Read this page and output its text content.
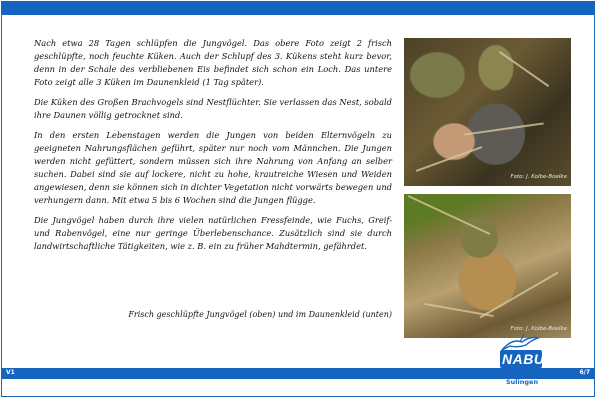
Nach etwa 28 Tagen schlüpfen die Jungvögel. Das obere Foto zeigt 2 frisch geschlüpfte, noch feuchte Küken. Auch der Schlupf des 3. Kükens steht kurz bevor, denn in der Schale des verbliebenen Eis befindet sich schon ein Loch. Das untere Foto zeigt alle 3 Küken im Daunenkleid (1 Tag später).

Die Küken des Großen Brachvogels sind Nestflüchter. Sie verlassen das Nest, sobald ihre Daunen völlig getrocknet sind.

In den ersten Lebenstagen werden die Jungen von beiden Elternvögeln zu geeigneten Nahrungsflächen geführt, später nur noch vom Männchen. Die Jungen werden nicht gefüttert, sondern müssen sich ihre Nahrung von Anfang an selber suchen. Dabei sind sie auf lockere, nicht zu hohe, krautreiche Wiesen und Weiden angewiesen, denn sie können sich in dichter Vegetation nicht vorwärts bewegen und verhungern dann. Mit etwa 5 bis 6 Wochen sind die Jungen flügge.

Die Jungvögel haben durch ihre vielen natürlichen Fressfeinde, wie Fuchs, Greif- und Rabenvögel, eine nur geringe Überlebenschance. Zusätzlich sind sie durch landwirtschaftliche Tätigkeiten, wie z. B. ein zu früher Mahdtermin, gefährdet.

Frisch geschlüpfte Jungvögel (oben) und im Daunenkleid (unten)
Foto: J. Kolbe-Boelke
Foto: J. Kolbe-Boelke
V1	6/7
NABU
Sulingen
